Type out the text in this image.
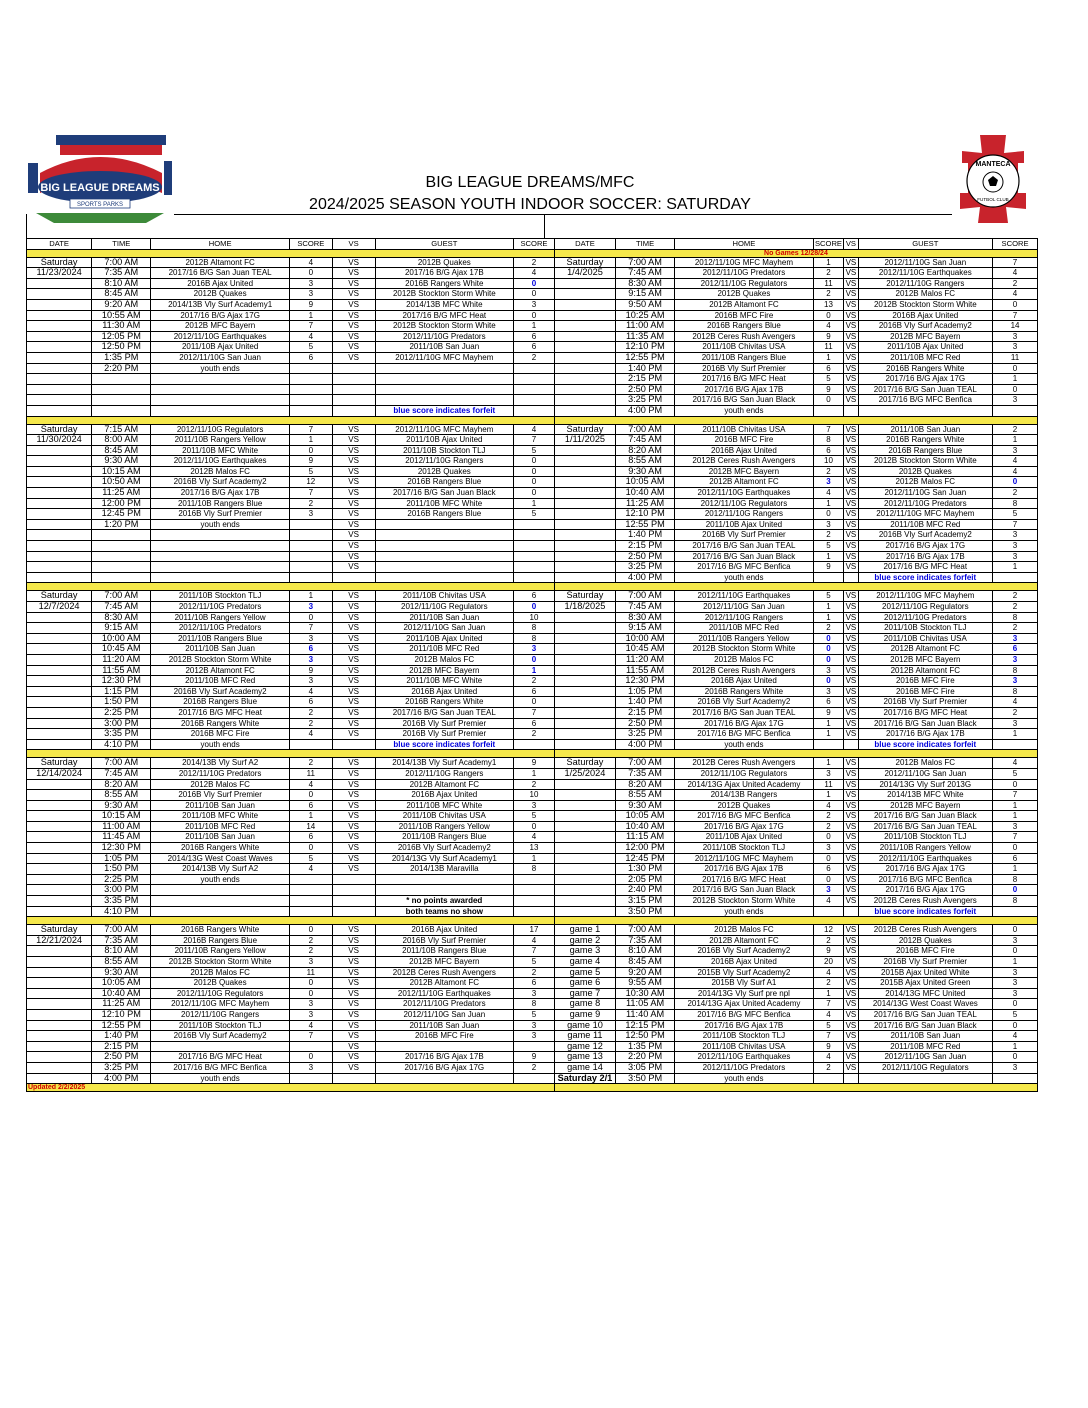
BIG LEAGUE DREAMS
SPORTS PARKS
MANTECA
FUTBOL CLUB
BIG LEAGUE DREAMS/MFC
2024/2025 SEASON YOUTH INDOOR SOCCER: SATURDAY
DATE	TIME	HOME	SCORE	VS	GUEST	SCORE	DATE	TIME	HOME	SCORE	VS	GUEST	SCORE
							No Games 12/28/24						
Saturday	7:00 AM	2012B Altamont FC	4	VS	2012B Quakes	2	Saturday	7:00 AM	2012/11/10G MFC Mayhem	1	VS	2012/11/10G San Juan	7
11/23/2024	7:35 AM	2017/16 B/G San Juan TEAL	0	VS	2017/16 B/G Ajax 17B	4	1/4/2025	7:45 AM	2012/11/10G Predators	2	VS	2012/11/10G Earthquakes	4
	8:10 AM	2016B Ajax United	3	VS	2016B Rangers White	0		8:30 AM	2012/11/10G Regulators	11	VS	2012/11/10G Rangers	2
	8:45 AM	2012B Quakes	3	VS	2012B Stockton Storm White	0		9:15 AM	2012B Quakes	2	VS	2012B Malos FC	4
	9:20 AM	2014/13B Vly Surf Academy1	9	VS	2014/13B MFC White	3		9:50 AM	2012B Altamont FC	13	VS	2012B Stockton Storm White	0
	10:55 AM	2017/16 B/G Ajax 17G	1	VS	2017/16 B/G MFC Heat	0		10:25 AM	2016B MFC Fire	0	VS	2016B Ajax United	7
	11:30 AM	2012B MFC Bayern	7	VS	2012B Stockton Storm White	1		11:00 AM	2016B Rangers Blue	4	VS	2016B Vly Surf Academy2	14
	12:05 PM	2012/11/10G Earthquakes	4	VS	2012/11/10G Predators	6		11:35 AM	2012B Ceres Rush Avengers	9	VS	2012B MFC Bayern	3
	12:50 PM	2011/10B Ajax United	5	VS	2011/10B San Juan	6		12:10 PM	2011/10B Chivitas USA	11	VS	2011/10B Ajax United	3
	1:35 PM	2012/11/10G San Juan	6	VS	2012/11/10G MFC Mayhem	2		12:55 PM	2011/10B Rangers Blue	1	VS	2011/10B MFC Red	11
	2:20 PM	youth ends						1:40 PM	2016B Vly Surf Premier	6	VS	2016B Rangers White	0
								2:15 PM	2017/16 B/G MFC Heat	5	VS	2017/16 B/G Ajax 17G	1
								2:50 PM	2017/16 B/G Ajax 17B	9	VS	2017/16 B/G San Juan TEAL	0
								3:25 PM	2017/16 B/G San Juan Black	0	VS	2017/16 B/G MFC Benfica	3
					blue score indicates forfeit			4:00 PM	youth ends				

Saturday	7:15 AM	2012/11/10G Regulators	7	VS	2012/11/10G MFC Mayhem	4	Saturday	7:00 AM	2011/10B Chivitas USA	7	VS	2011/10B San Juan	2
11/30/2024	8:00 AM	2011/10B Rangers Yellow	1	VS	2011/10B Ajax United	7	1/11/2025	7:45 AM	2016B MFC Fire	8	VS	2016B Rangers White	1
	8:45 AM	2011/10B MFC White	0	VS	2011/10B Stockton TLJ	5		8:20 AM	2016B Ajax United	6	VS	2016B Rangers Blue	3
	9:30 AM	2012/11/10G Earthquakes	9	VS	2012/11/10G Rangers	0		8:55 AM	2012B Ceres Rush Avengers	10	VS	2012B Stockton Storm White	4
	10:15 AM	2012B Malos FC	5	VS	2012B Quakes	0		9:30 AM	2012B MFC Bayern	2	VS	2012B Quakes	4
	10:50 AM	2016B Vly Surf Academy2	12	VS	2016B Rangers Blue	0		10:05 AM	2012B Altamont FC	3	VS	2012B Malos FC	0
	11:25 AM	2017/16 B/G Ajax 17B	7	VS	2017/16 B/G San Juan Black	0		10:40 AM	2012/11/10G Earthquakes	4	VS	2012/11/10G San Juan	2
	12:00 PM	2011/10B Rangers Blue	2	VS	2011/10B MFC White	1		11:25 AM	2012/11/10G Regulators	1	VS	2012/11/10G Predators	8
	12:45 PM	2016B Vly Surf Premier	3	VS	2016B Rangers Blue	5		12:10 PM	2012/11/10G Rangers	0	VS	2012/11/10G MFC Mayhem	5
	1:20 PM	youth ends		VS				12:55 PM	2011/10B Ajax United	3	VS	2011/10B MFC Red	7
				VS				1:40 PM	2016B Vly Surf Premier	2	VS	2016B Vly Surf Academy2	3
				VS				2:15 PM	2017/16 B/G San Juan TEAL	5	VS	2017/16 B/G Ajax 17G	3
				VS				2:50 PM	2017/16 B/G San Juan Black	1	VS	2017/16 B/G Ajax 17B	3
				VS				3:25 PM	2017/16 B/G MFC Benfica	9	VS	2017/16 B/G MFC Heat	1
								4:00 PM	youth ends			blue score indicates forfeit	

Saturday	7:00 AM	2011/10B Stockton TLJ	1	VS	2011/10B Chivitas USA	6	Saturday	7:00 AM	2012/11/10G Earthquakes	5	VS	2012/11/10G MFC Mayhem	2
12/7/2024	7:45 AM	2012/11/10G Predators	3	VS	2012/11/10G Regulators	0	1/18/2025	7:45 AM	2012/11/10G San Juan	1	VS	2012/11/10G Regulators	2
	8:30 AM	2011/10B Rangers Yellow	0	VS	2011/10B San Juan	10		8:30 AM	2012/11/10G Rangers	1	VS	2012/11/10G Predators	8
	9:15 AM	2012/11/10G Predators	7	VS	2012/11/10G San Juan	8		9:15 AM	2011/10B MFC Red	2	VS	2011/10B Stockton TLJ	2
	10:00 AM	2011/10B Rangers Blue	3	VS	2011/10B Ajax United	8		10:00 AM	2011/10B Rangers Yellow	0	VS	2011/10B Chivitas USA	3
	10:45 AM	2011/10B San Juan	6	VS	2011/10B MFC Red	3		10:45 AM	2012B Stockton Storm White	0	VS	2012B Altamont FC	6
	11:20 AM	2012B Stockton Storm White	3	VS	2012B Malos FC	0		11:20 AM	2012B Malos FC	0	VS	2012B MFC Bayern	3
	11:55 AM	2012B Altamont FC	9	VS	2012B MFC Bayern	1		11:55 AM	2012B Ceres Rush Avengers	3	VS	2012B Altamont FC	8
	12:30 PM	2011/10B MFC Red	3	VS	2011/10B MFC White	2		12:30 PM	2016B Ajax United	0	VS	2016B MFC Fire	3
	1:15 PM	2016B Vly Surf Academy2	4	VS	2016B Ajax United	6		1:05 PM	2016B Rangers White	3	VS	2016B MFC Fire	8
	1:50 PM	2016B Rangers Blue	6	VS	2016B Rangers White	0		1:40 PM	2016B Vly Surf Academy2	6	VS	2016B Vly Surf Premier	4
	2:25 PM	2017/16 B/G MFC Heat	2	VS	2017/16 B/G San Juan TEAL	7		2:15 PM	2017/16 B/G San Juan TEAL	9	VS	2017/16 B/G MFC Heat	2
	3:00 PM	2016B Rangers White	2	VS	2016B Vly Surf Premier	6		2:50 PM	2017/16 B/G Ajax 17G	1	VS	2017/16 B/G San Juan Black	3
	3:35 PM	2016B MFC Fire	4	VS	2016B Vly Surf Premier	2		3:25 PM	2017/16 B/G MFC Benfica	1	VS	2017/16 B/G Ajax 17B	1
	4:10 PM	youth ends			blue score indicates forfeit			4:00 PM	youth ends			blue score indicates forfeit	

Saturday	7:00 AM	2014/13B Vly Surf A2	2	VS	2014/13B Vly Surf Academy1	9	Saturday	7:00 AM	2012B Ceres Rush Avengers	1	VS	2012B Malos FC	4
12/14/2024	7:45 AM	2012/11/10G Predators	11	VS	2012/11/10G Rangers	1	1/25/2024	7:35 AM	2012/11/10G Regulators	3	VS	2012/11/10G San Juan	5
	8:20 AM	2012B Malos FC	4	VS	2012B Altamont FC	2		8:20 AM	2014/13G Ajax United Academy	11	VS	2014/13G Vly Surf 2013G	0
	8:55 AM	2016B Vly Surf Premier	0	VS	2016B Ajax United	10		8:55 AM	2014/13B Rangers	1	VS	2014/13B MFC White	7
	9:30 AM	2011/10B San Juan	6	VS	2011/10B MFC White	3		9:30 AM	2012B Quakes	4	VS	2012B MFC Bayern	1
	10:15 AM	2011/10B MFC White	1	VS	2011/10B Chivitas USA	5		10:05 AM	2017/16 B/G MFC Benfica	2	VS	2017/16 B/G San Juan Black	1
	11:00 AM	2011/10B MFC Red	14	VS	2011/10B Rangers Yellow	0		10:40 AM	2017/16 B/G Ajax 17G	2	VS	2017/16 B/G San Juan TEAL	3
	11:45 AM	2011/10B San Juan	6	VS	2011/10B Rangers Blue	4		11:15 AM	2011/10B Ajax United	0	VS	2011/10B Stockton TLJ	7
	12:30 PM	2016B Rangers White	0	VS	2016B Vly Surf Academy2	13		12:00 PM	2011/10B Stockton TLJ	3	VS	2011/10B Rangers Yellow	0
	1:05 PM	2014/13G West Coast Waves	5	VS	2014/13G Vly Surf Academy1	1		12:45 PM	2012/11/10G MFC Mayhem	0	VS	2012/11/10G Earthquakes	6
	1:50 PM	2014/13B Vly Surf A2	4	VS	2014/13B Maravilla	8		1:30 PM	2017/16 B/G Ajax 17B	6	VS	2017/16 B/G Ajax 17G	1
	2:25 PM	youth ends						2:05 PM	2017/16 B/G MFC Heat	0	VS	2017/16 B/G MFC Benfica	8
	3:00 PM							2:40 PM	2017/16 B/G San Juan Black	3	VS	2017/16 B/G Ajax 17G	0
	3:35 PM				* no points awarded			3:15 PM	2012B Stockton Storm White	4	VS	2012B Ceres Rush Avengers	8
	4:10 PM				both teams no show			3:50 PM	youth ends			blue score indicates forfeit	

Saturday	7:00 AM	2016B Rangers White	0	VS	2016B Ajax United	17	game 1	7:00 AM	2012B Malos FC	12	VS	2012B Ceres Rush Avengers	0
12/21/2024	7:35 AM	2016B Rangers Blue	2	VS	2016B Vly Surf Premier	4	game 2	7:35 AM	2012B Altamont FC	2	VS	2012B Quakes	3
	8:10 AM	2011/10B Rangers Yellow	2	VS	2011/10B Rangers Blue	7	game 3	8:10 AM	2016B Vly Surf Academy2	9	VS	2016B MFC Fire	0
	8:55 AM	2012B Stockton Storm White	3	VS	2012B MFC Bayern	5	game 4	8:45 AM	2016B Ajax United	20	VS	2016B Vly Surf Premier	1
	9:30 AM	2012B Malos FC	11	VS	2012B Ceres Rush Avengers	2	game 5	9:20 AM	2015B Vly Surf Academy2	4	VS	2015B Ajax United White	3
	10:05 AM	2012B Quakes	0	VS	2012B Altamont FC	6	game 6	9:55 AM	2015B Vly Surf A1	2	VS	2015B Ajax United Green	3
	10:40 AM	2012/11/10G Regulators	0	VS	2012/11/10G Earthquakes	3	game 7	10:30 AM	2014/13G Vly Surf pre npl	1	VS	2014/13G MFC United	3
	11:25 AM	2012/11/10G MFC Mayhem	3	VS	2012/11/10G Predators	8	game 8	11:05 AM	2014/13G Ajax United Academy	7	VS	2014/13G West Coast Waves	0
	12:10 PM	2012/11/10G Rangers	3	VS	2012/11/10G San Juan	5	game 9	11:40 AM	2017/16 B/G MFC Benfica	4	VS	2017/16 B/G San Juan TEAL	5
	12:55 PM	2011/10B Stockton TLJ	4	VS	2011/10B San Juan	3	game 10	12:15 PM	2017/16 B/G Ajax 17B	5	VS	2017/16 B/G San Juan Black	0
	1:40 PM	2016B Vly Surf Academy2	7	VS	2016B MFC Fire	3	game 11	12:50 PM	2011/10B Stockton TLJ	7	VS	2011/10B San Juan	4
	2:15 PM			VS			game 12	1:35 PM	2011/10B Chivitas USA	9	VS	2011/10B MFC Red	1
	2:50 PM	2017/16 B/G MFC Heat	0	VS	2017/16 B/G Ajax 17B	9	game 13	2:20 PM	2012/11/10G Earthquakes	4	VS	2012/11/10G San Juan	0
	3:25 PM	2017/16 B/G MFC Benfica	3	VS	2017/16 B/G Ajax 17G	2	game 14	3:05 PM	2012/11/10G Predators	2	VS	2012/11/10G Regulators	3
	4:00 PM	youth ends					Saturday 2/1	3:50 PM	youth ends				
Updated 2/2/2025													
